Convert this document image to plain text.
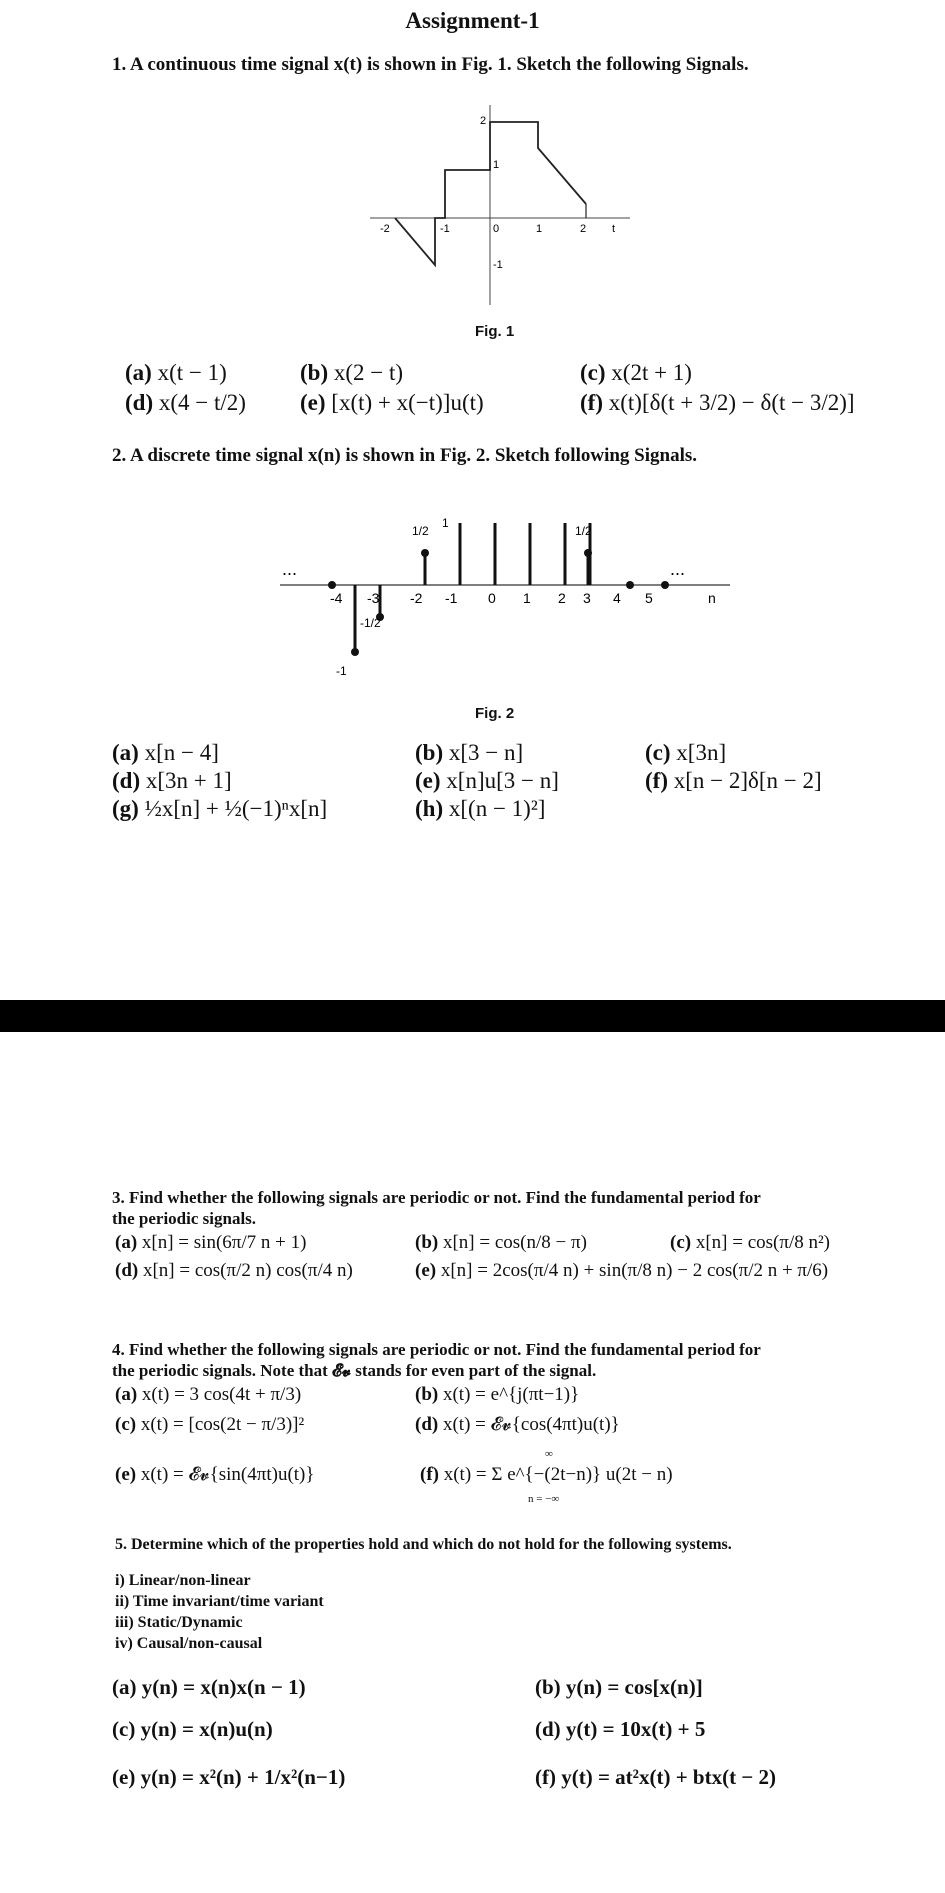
Assignment-1
1. A continuous time signal x(t) is shown in Fig. 1. Sketch the following Signals.
-2	-1	0	1	2 t
2
1
-1
Fig. 1
(a) x(t − 1)	(b) x(2 − t)	(c) x(2t + 1)
(d) x(4 − t/2) (e) [x(t) + x(−t)]u(t)	(f) x(t)[δ(t + 3/2) − δ(t − 3/2)]
2. A discrete time signal x(n) is shown in Fig. 2. Sketch following Signals.
...	...
-4 -3 -2 -1 0 1 2 3 4 5	n
1/2
1
1/2
-1/2
-1
Fig. 2
(a) x[n − 4]	(b) x[3 − n]	(c) x[3n]
(d) x[3n + 1]	(e) x[n]u[3 − n]	(f) x[n − 2]δ[n − 2]
(g) ½x[n] + ½(−1)ⁿx[n]	(h) x[(n − 1)²]
3. Find whether the following signals are periodic or not. Find the fundamental period for
the periodic signals.
(a) x[n] = sin(6π/7 n + 1)	(b) x[n] = cos(n/8 − π)	(c) x[n] = cos(π/8 n²)
(d) x[n] = cos(π/2 n) cos(π/4 n)	(e) x[n] = 2cos(π/4 n) + sin(π/8 n) − 2 cos(π/2 n + π/6)
4. Find whether the following signals are periodic or not. Find the fundamental period for
the periodic signals. Note that 𝓔𝓿 stands for even part of the signal.
(a) x(t) = 3 cos(4t + π/3)	(b) x(t) = e^{j(πt−1)}
(c) x(t) = [cos(2t − π/3)]²	(d) x(t) = 𝓔𝓿{cos(4πt)u(t)}
(e) x(t) = 𝓔𝓿{sin(4πt)u(t)}	(f) x(t) = Σ e^{−(2t−n)} u(2t − n)
∞
n = −∞
5. Determine which of the properties hold and which do not hold for the following systems.
i) Linear/non-linear
ii) Time invariant/time variant
iii) Static/Dynamic
iv) Causal/non-causal
(a) y(n) = x(n)x(n − 1)	(b) y(n) = cos[x(n)]
(c) y(n) = x(n)u(n)	(d) y(t) = 10x(t) + 5
(e) y(n) = x²(n) + 1/x²(n−1)	(f) y(t) = at²x(t) + btx(t − 2)
